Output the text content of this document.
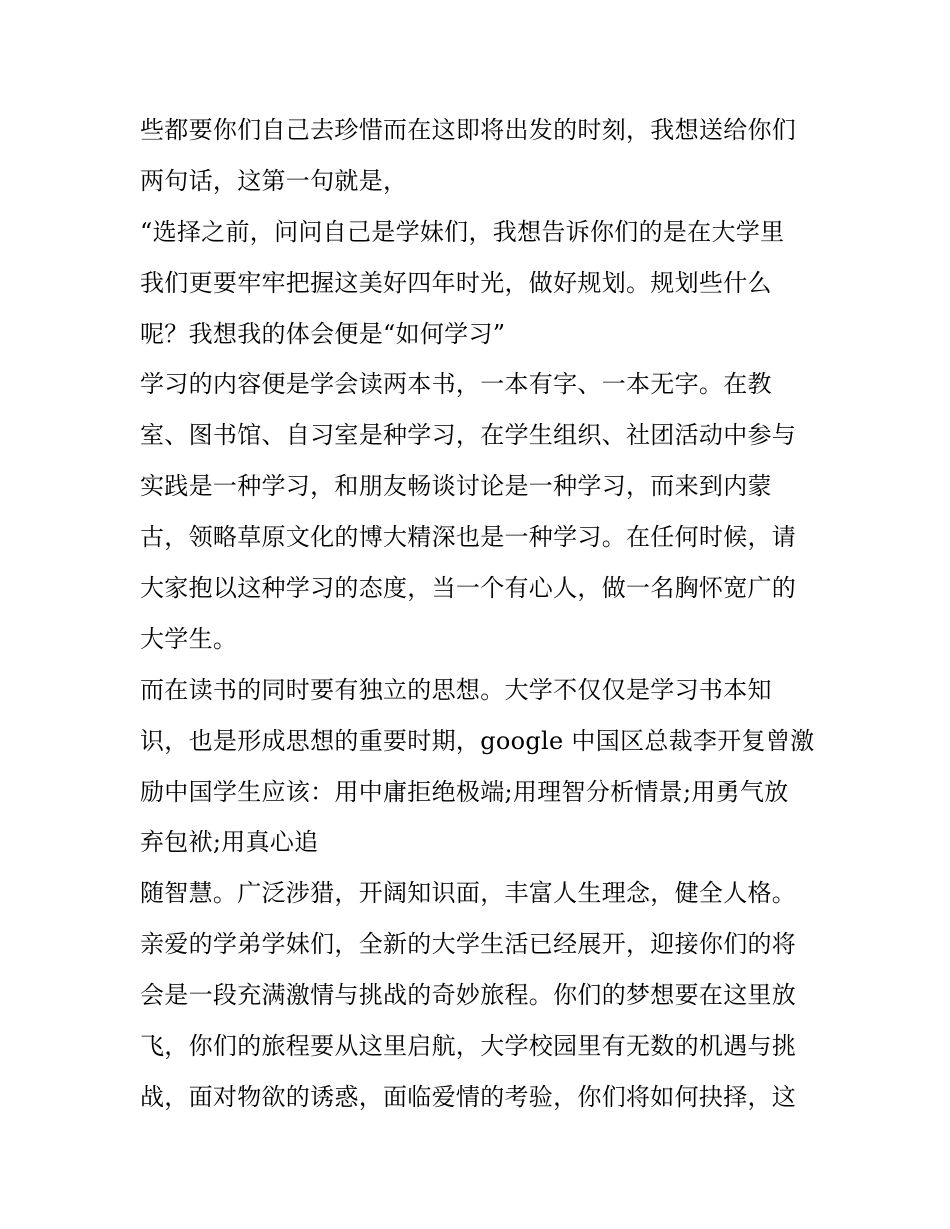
些都要你们自己去珍惜而在这即将出发的时刻，我想送给你们
两句话，这第一句就是，
“选择之前，问问自己是学妹们，我想告诉你们的是在大学里
我们更要牢牢把握这美好四年时光，做好规划。规划些什么
呢？我想我的体会便是“如何学习”
学习的内容便是学会读两本书，一本有字、一本无字。在教
室、图书馆、自习室是种学习，在学生组织、社团活动中参与
实践是一种学习，和朋友畅谈讨论是一种学习，而来到内蒙
古，领略草原文化的博大精深也是一种学习。在任何时候，请
大家抱以这种学习的态度，当一个有心人，做一名胸怀宽广的
大学生。
而在读书的同时要有独立的思想。大学不仅仅是学习书本知
识，也是形成思想的重要时期，google 中国区总裁李开复曾激
励中国学生应该：用中庸拒绝极端;用理智分析情景;用勇气放
弃包袱;用真心追
随智慧。广泛涉猎，开阔知识面，丰富人生理念，健全人格。
亲爱的学弟学妹们，全新的大学生活已经展开，迎接你们的将
会是一段充满激情与挑战的奇妙旅程。你们的梦想要在这里放
飞，你们的旅程要从这里启航，大学校园里有无数的机遇与挑
战，面对物欲的诱惑，面临爱情的考验，你们将如何抉择，这
